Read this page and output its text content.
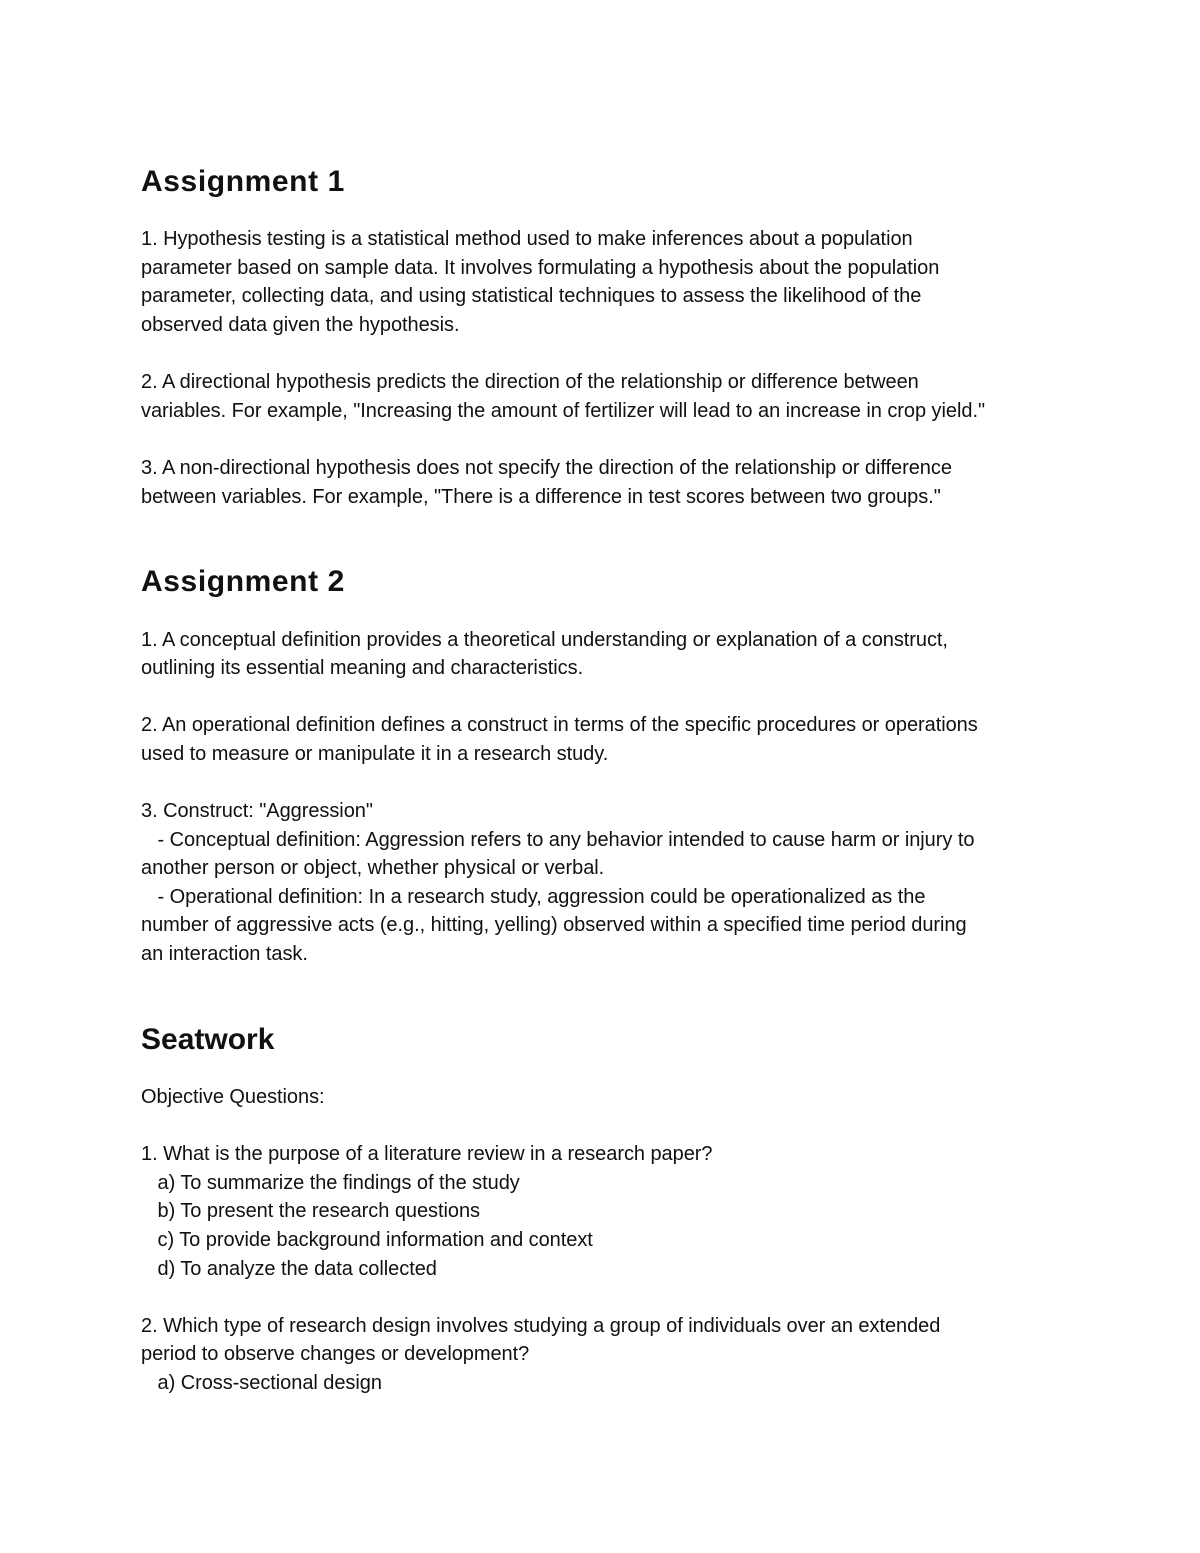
Assignment 1

1. Hypothesis testing is a statistical method used to make inferences about a population
parameter based on sample data. It involves formulating a hypothesis about the population
parameter, collecting data, and using statistical techniques to assess the likelihood of the
observed data given the hypothesis.

2. A directional hypothesis predicts the direction of the relationship or difference between
variables. For example, "Increasing the amount of fertilizer will lead to an increase in crop yield."

3. A non-directional hypothesis does not specify the direction of the relationship or difference
between variables. For example, "There is a difference in test scores between two groups."

Assignment 2

1. A conceptual definition provides a theoretical understanding or explanation of a construct,
outlining its essential meaning and characteristics.

2. An operational definition defines a construct in terms of the specific procedures or operations
used to measure or manipulate it in a research study.

3. Construct: "Aggression"
- Conceptual definition: Aggression refers to any behavior intended to cause harm or injury to
another person or object, whether physical or verbal.
- Operational definition: In a research study, aggression could be operationalized as the
number of aggressive acts (e.g., hitting, yelling) observed within a specified time period during
an interaction task.

Seatwork

Objective Questions:

1. What is the purpose of a literature review in a research paper?
a) To summarize the findings of the study
b) To present the research questions
c) To provide background information and context
d) To analyze the data collected

2. Which type of research design involves studying a group of individuals over an extended
period to observe changes or development?
a) Cross-sectional design
